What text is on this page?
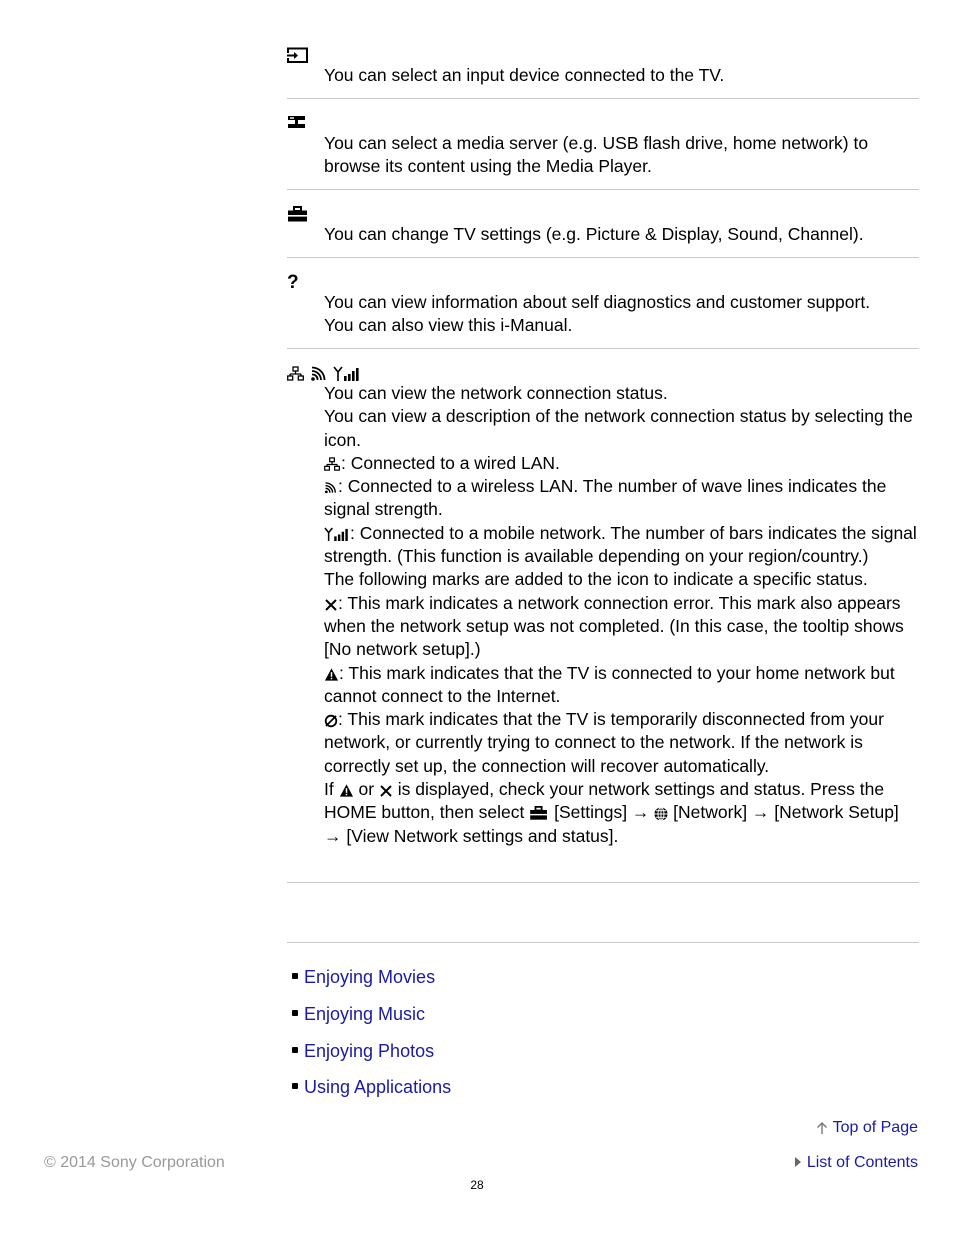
You can select an input device connected to the TV.
You can select a media server (e.g. USB flash drive, home network) to browse its content using the Media Player.
You can change TV settings (e.g. Picture & Display, Sound, Channel).
?

You can view information about self diagnostics and customer support.

You can also view this i-Manual.

You can view the network connection status.

You can view a description of the network connection status by selecting the icon.

: Connected to a wired LAN.

: Connected to a wireless LAN. The number of wave lines indicates the signal strength.

: Connected to a mobile network. The number of bars indicates the signal strength. (This function is available depending on your region/country.)

The following marks are added to the icon to indicate a specific status.

: This mark indicates a network connection error. This mark also appears when the network setup was not completed. (In this case, the tooltip shows [No network setup].)

: This mark indicates that the TV is connected to your home network but cannot connect to the Internet.

: This mark indicates that the TV is temporarily disconnected from your network, or currently trying to connect to the network. If the network is correctly set up, the connection will recover automatically.

If  or  is displayed, check your network settings and status. Press the HOME button, then select  [Settings] →  [Network] → [Network Setup] → [View Network settings and status].

Enjoying Movies
Enjoying Music
Enjoying Photos
Using Applications
Top of Page
© 2014 Sony Corporation	List of Contents
28
